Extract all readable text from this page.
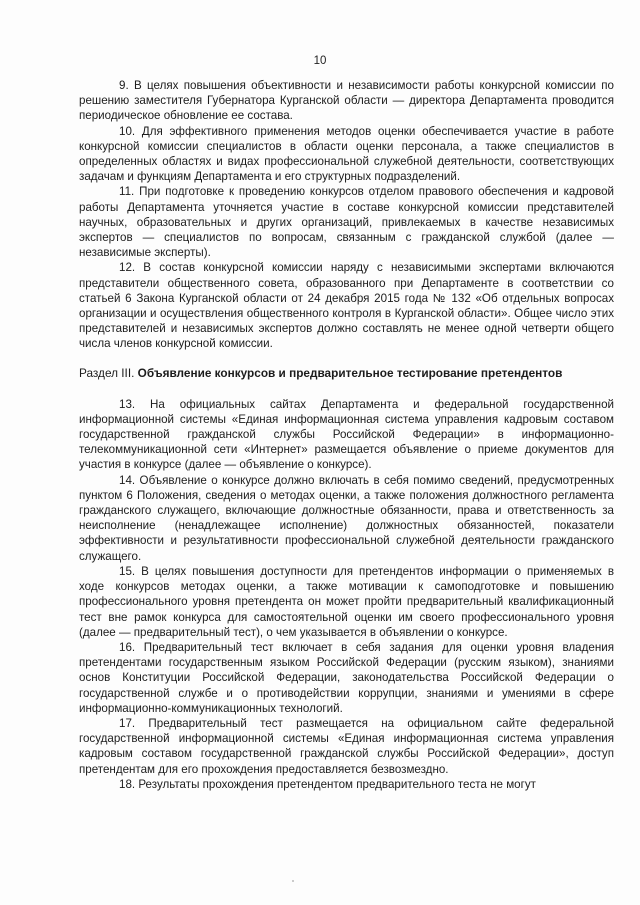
10

9. В целях повышения объективности и независимости работы конкурсной комиссии по решению заместителя Губернатора Курганской области — директора Департамента проводится периодическое обновление ее состава.

10. Для эффективного применения методов оценки обеспечивается участие в работе конкурсной комиссии специалистов в области оценки персонала, а также специалистов в определенных областях и видах профессиональной служебной деятельности, соответствующих задачам и функциям Департамента и его структурных подразделений.

11. При подготовке к проведению конкурсов отделом правового обеспечения и кадровой работы Департамента уточняется участие в составе конкурсной комиссии представителей научных, образовательных и других организаций, привлекаемых в качестве независимых экспертов — специалистов по вопросам, связанным с гражданской службой (далее — независимые эксперты).

12. В состав конкурсной комиссии наряду с независимыми экспертами включаются представители общественного совета, образованного при Департаменте в соответствии со статьей 6 Закона Курганской области от 24 декабря 2015 года № 132 «Об отдельных вопросах организации и осуществления общественного контроля в Курганской области». Общее число этих представителей и независимых экспертов должно составлять не менее одной четверти общего числа членов конкурсной комиссии.

Раздел III. Объявление конкурсов и предварительное тестирование претендентов

13. На официальных сайтах Департамента и федеральной государственной информационной системы «Единая информационная система управления кадровым составом государственной гражданской службы Российской Федерации» в информационно-телекоммуникационной сети «Интернет» размещается объявление о приеме документов для участия в конкурсе (далее — объявление о конкурсе).

14. Объявление о конкурсе должно включать в себя помимо сведений, предусмотренных пунктом 6 Положения, сведения о методах оценки, а также положения должностного регламента гражданского служащего, включающие должностные обязанности, права и ответственность за неисполнение (ненадлежащее исполнение) должностных обязанностей, показатели эффективности и результативности профессиональной служебной деятельности гражданского служащего.

15. В целях повышения доступности для претендентов информации о применяемых в ходе конкурсов методах оценки, а также мотивации к самоподготовке и повышению профессионального уровня претендента он может пройти предварительный квалификационный тест вне рамок конкурса для самостоятельной оценки им своего профессионального уровня (далее — предварительный тест), о чем указывается в объявлении о конкурсе.

16. Предварительный тест включает в себя задания для оценки уровня владения претендентами государственным языком Российской Федерации (русским языком), знаниями основ Конституции Российской Федерации, законодательства Российской Федерации о государственной службе и о противодействии коррупции, знаниями и умениями в сфере информационно-коммуникационных технологий.

17. Предварительный тест размещается на официальном сайте федеральной государственной информационной системы «Единая информационная система управления кадровым составом государственной гражданской службы Российской Федерации», доступ претендентам для его прохождения предоставляется безвозмездно.

18. Результаты прохождения претендентом предварительного теста не могут
